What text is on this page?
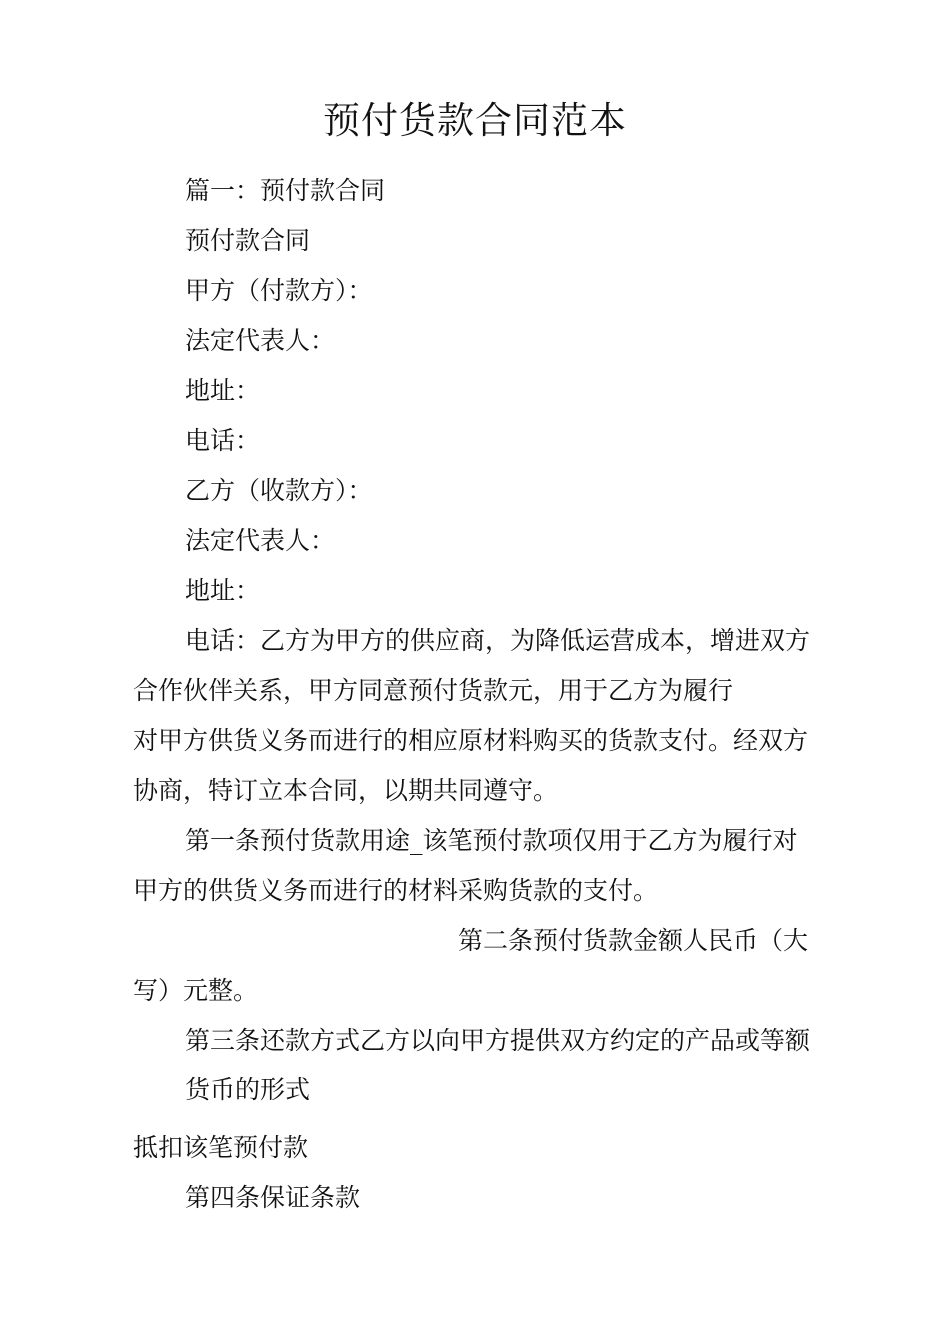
预付货款合同范本
篇一：预付款合同
预付款合同
甲方（付款方）：
法定代表人：
地址：
电话：
乙方（收款方）：
法定代表人：
地址：
电话：乙方为甲方的供应商，为降低运营成本，增进双方
合作伙伴关系，甲方同意预付货款元，用于乙方为履行
对甲方供货义务而进行的相应原材料购买的货款支付。经双方
协商，特订立本合同，以期共同遵守。
第一条预付货款用途_该笔预付款项仅用于乙方为履行对
甲方的供货义务而进行的材料采购货款的支付。
第二条预付货款金额人民币（大
写）元整。
第三条还款方式乙方以向甲方提供双方约定的产品或等额
货币的形式
抵扣该笔预付款
第四条保证条款
